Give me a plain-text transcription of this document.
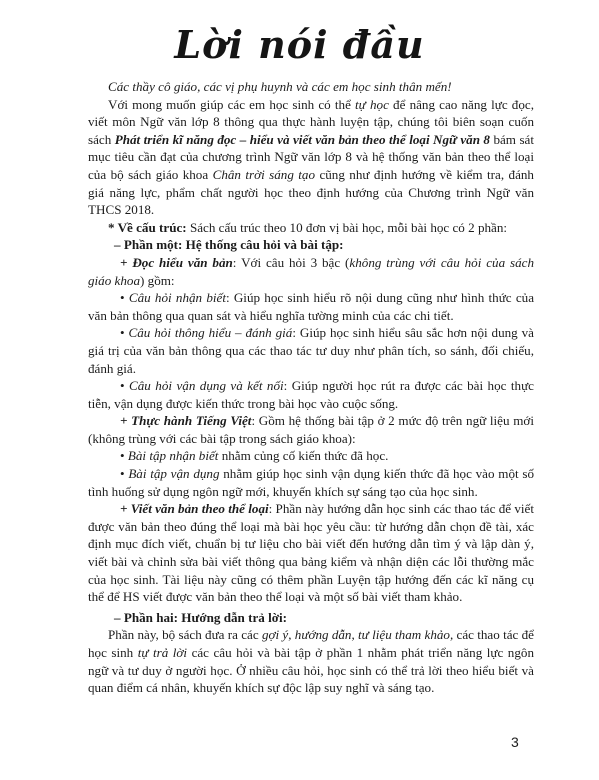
Lời nói đầu

Các thầy cô giáo, các vị phụ huynh và các em học sinh thân mến!

Với mong muốn giúp các em học sinh có thể tự học để nâng cao năng lực đọc, viết môn Ngữ văn lớp 8 thông qua thực hành luyện tập, chúng tôi biên soạn cuốn sách Phát triển kĩ năng đọc – hiểu và viết văn bản theo thể loại Ngữ văn 8 bám sát mục tiêu cần đạt của chương trình Ngữ văn lớp 8 và hệ thống văn bản theo thể loại của bộ sách giáo khoa Chân trời sáng tạo cũng như định hướng về kiểm tra, đánh giá năng lực, phẩm chất người học theo định hướng của Chương trình Ngữ văn THCS 2018.

* Về cấu trúc: Sách cấu trúc theo 10 đơn vị bài học, mỗi bài học có 2 phần:

– Phần một: Hệ thống câu hỏi và bài tập:

+ Đọc hiểu văn bản: Với câu hỏi 3 bậc (không trùng với câu hỏi của sách giáo khoa) gồm:

• Câu hỏi nhận biết: Giúp học sinh hiểu rõ nội dung cũng như hình thức của văn bản thông qua quan sát và hiểu nghĩa tường minh của các chi tiết.

• Câu hỏi thông hiểu – đánh giá: Giúp học sinh hiểu sâu sắc hơn nội dung và giá trị của văn bản thông qua các thao tác tư duy như phân tích, so sánh, đối chiếu, đánh giá.

• Câu hỏi vận dụng và kết nối: Giúp người học rút ra được các bài học thực tiễn, vận dụng được kiến thức trong bài học vào cuộc sống.

+ Thực hành Tiếng Việt: Gồm hệ thống bài tập ở 2 mức độ trên ngữ liệu mới (không trùng với các bài tập trong sách giáo khoa):

• Bài tập nhận biết nhằm củng cố kiến thức đã học.

• Bài tập vận dụng nhằm giúp học sinh vận dụng kiến thức đã học vào một số tình huống sử dụng ngôn ngữ mới, khuyến khích sự sáng tạo của học sinh.

+ Viết văn bản theo thể loại: Phần này hướng dẫn học sinh các thao tác để viết được văn bản theo đúng thể loại mà bài học yêu cầu: từ hướng dẫn chọn đề tài, xác định mục đích viết, chuẩn bị tư liệu cho bài viết đến hướng dẫn tìm ý và lập dàn ý, viết bài và chỉnh sửa bài viết thông qua bảng kiểm và nhận diện các lỗi thường mắc của học sinh. Tài liệu này cũng có thêm phần Luyện tập hướng đến các kĩ năng cụ thể để HS viết được văn bản theo thể loại và một số bài viết tham khảo.

– Phần hai: Hướng dẫn trả lời:

Phần này, bộ sách đưa ra các gợi ý, hướng dẫn, tư liệu tham khảo, các thao tác để học sinh tự trả lời các câu hỏi và bài tập ở phần 1 nhằm phát triển năng lực ngôn ngữ và tư duy ở người học. Ở nhiều câu hỏi, học sinh có thể trả lời theo hiểu biết và quan điểm cá nhân, khuyến khích sự độc lập suy nghĩ và sáng tạo.

3
